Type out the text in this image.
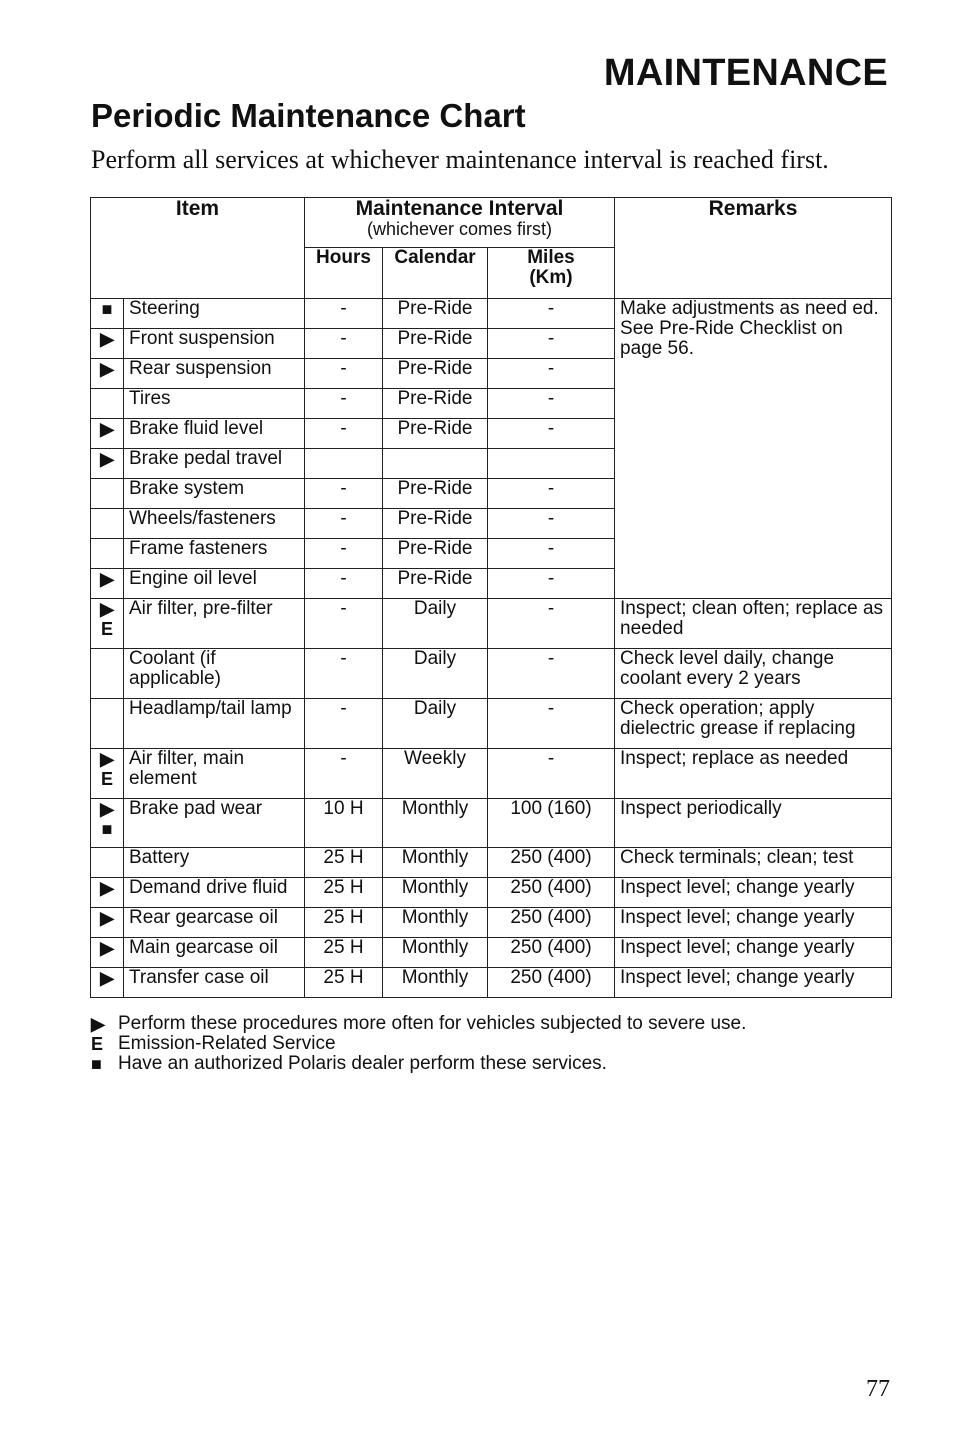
MAINTENANCE
Periodic Maintenance Chart

Perform all services at whichever maintenance interval is reached first.

Item		Maintenance Interval
(whichever comes first)			Remarks
		Hours	Calendar	Miles
(Km)	

■	Steering	-	Pre-Ride	-	Make adjustments as need ed. See Pre-Ride Checklist on page 56.

▶	Front suspension	-	Pre-Ride	-	

▶	Rear suspension	-	Pre-Ride	-	
	Tires	-	Pre-Ride	-	

▶	Brake fluid level	-	Pre-Ride	-	

▶	Brake pedal travel				
	Brake system	-	Pre-Ride	-	
	Wheels/fasteners	-	Pre-Ride	-	
	Frame fasteners	-	Pre-Ride	-	

▶	Engine oil level	-	Pre-Ride	-	

▶
E	Air filter, pre-filter	-	Daily	-	Inspect; clean often; replace as needed
	Coolant (if applicable)	-	Daily	-	Check level daily, change coolant every 2 years
	Headlamp/tail lamp	-	Daily	-	Check operation; apply dielectric grease if replacing

▶
E	Air filter, main element	-	Weekly	-	Inspect; replace as needed

▶
■	Brake pad wear	10 H	Monthly	100 (160)	Inspect periodically
	Battery	25 H	Monthly	250 (400)	Check terminals; clean; test

▶	Demand drive fluid	25 H	Monthly	250 (400)	Inspect level; change yearly

▶	Rear gearcase oil	25 H	Monthly	250 (400)	Inspect level; change yearly

▶	Main gearcase oil	25 H	Monthly	250 (400)	Inspect level; change yearly

▶	Transfer case oil	25 H	Monthly	250 (400)	Inspect level; change yearly
▶ Perform these procedures more often for vehicles subjected to severe use.
E Emission-Related Service
■ Have an authorized Polaris dealer perform these services.
77
